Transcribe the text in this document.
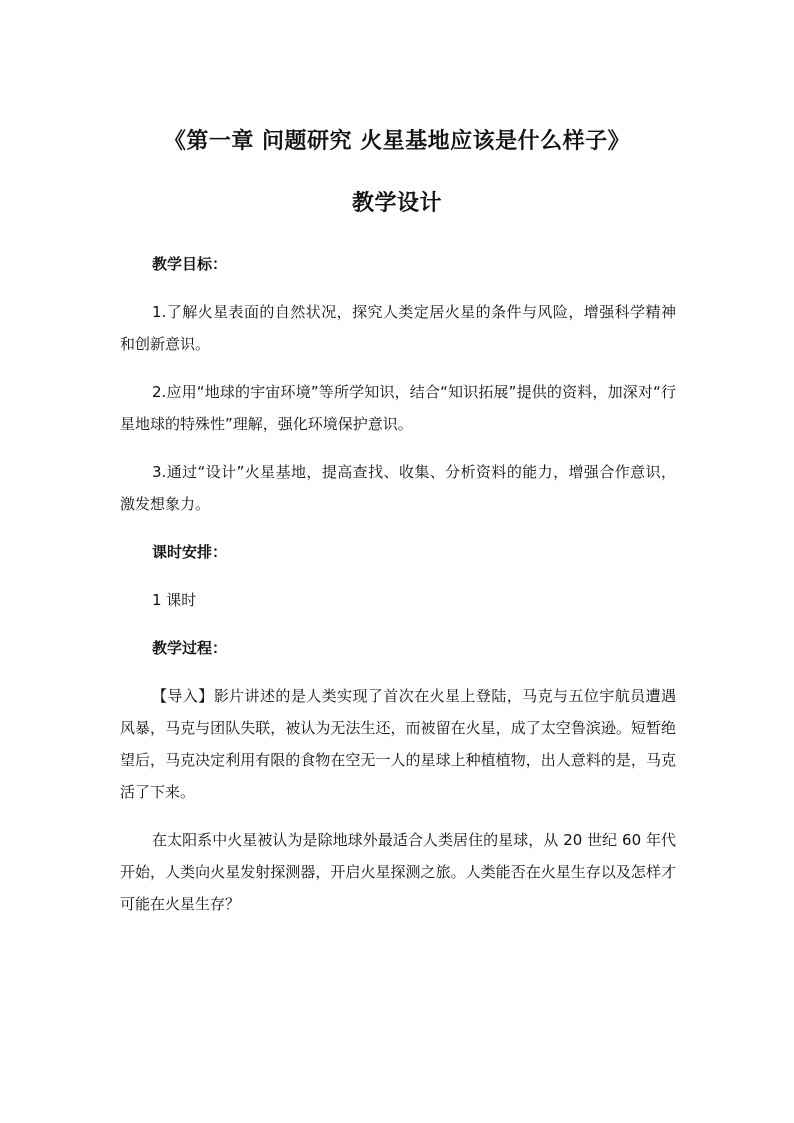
《第一章 问题研究 火星基地应该是什么样子》
教学设计

教学目标：

1.了解火星表面的自然状况，探究人类定居火星的条件与风险，增强科学精神和创新意识。

2.应用“地球的宇宙环境”等所学知识，结合“知识拓展”提供的资料，加深对“行星地球的特殊性”理解，强化环境保护意识。

3.通过“设计”火星基地，提高查找、收集、分析资料的能力，增强合作意识，激发想象力。

课时安排：

1 课时

教学过程：

【导入】影片讲述的是人类实现了首次在火星上登陆，马克与五位宇航员遭遇风暴，马克与团队失联，被认为无法生还，而被留在火星，成了太空鲁滨逊。短暂绝望后，马克决定利用有限的食物在空无一人的星球上种植植物，出人意料的是，马克活了下来。

在太阳系中火星被认为是除地球外最适合人类居住的星球，从 20 世纪 60 年代开始，人类向火星发射探测器，开启火星探测之旅。人类能否在火星生存以及怎样才可能在火星生存？
